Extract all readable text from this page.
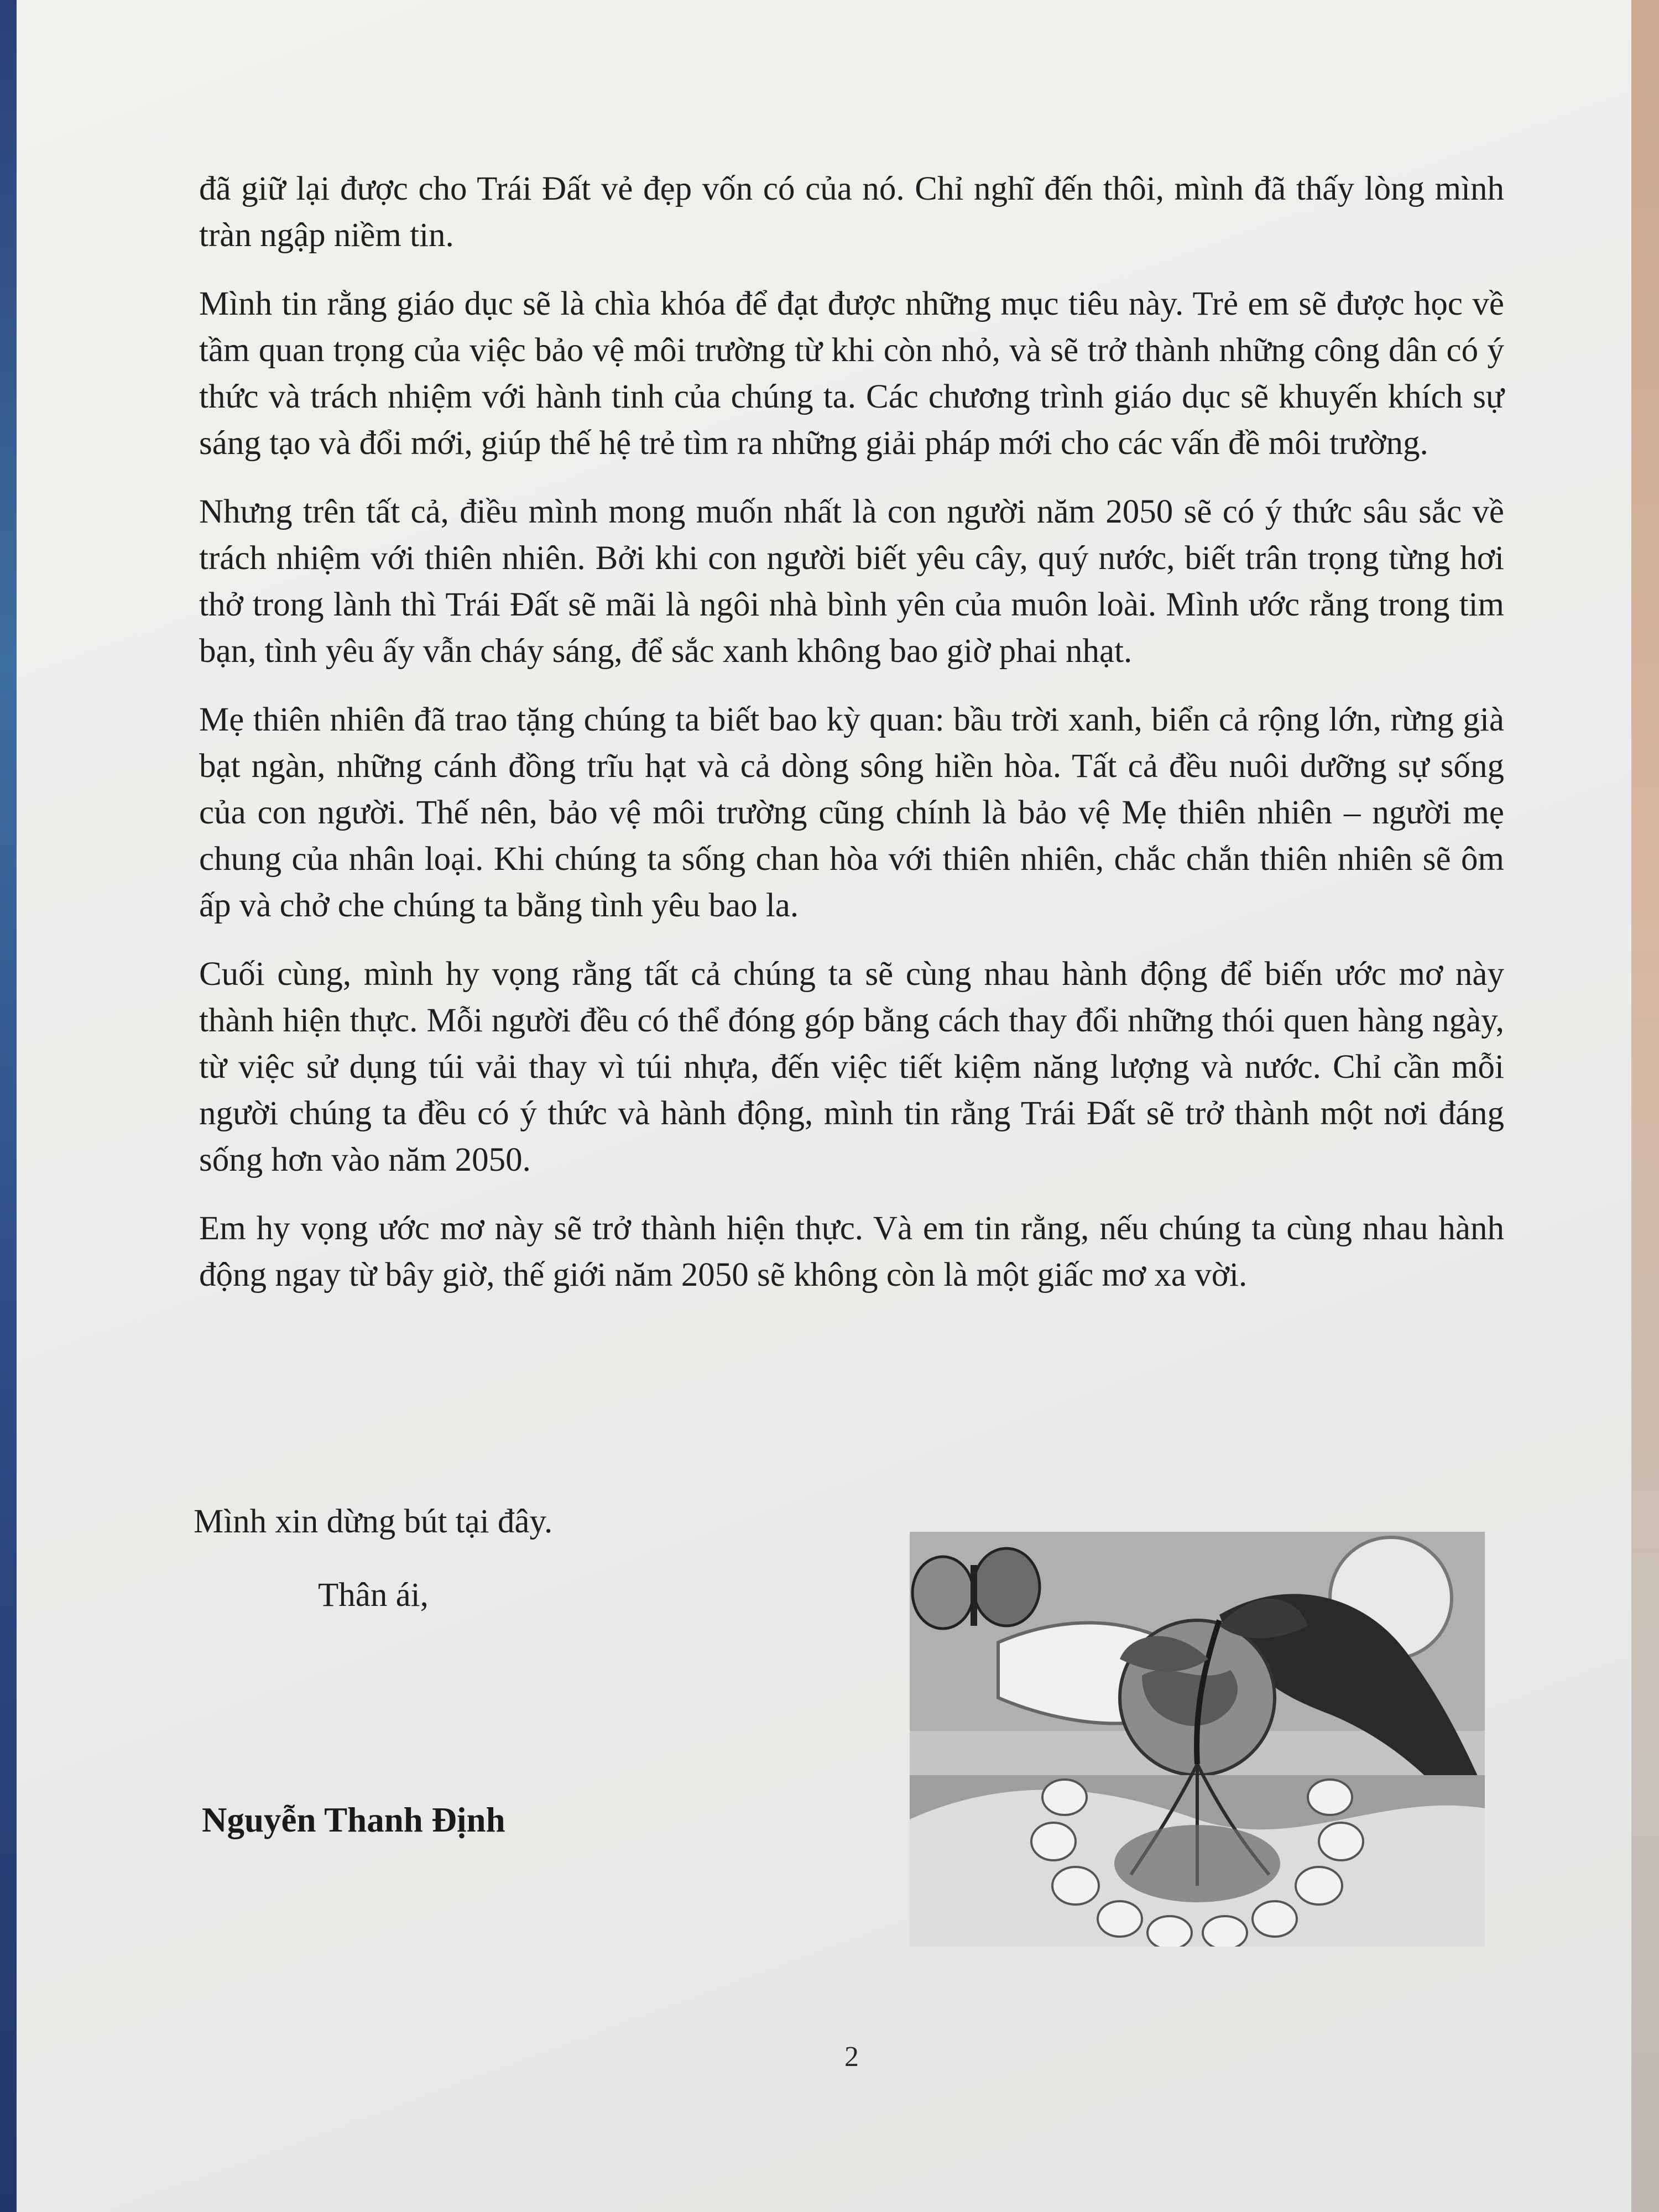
đã giữ lại được cho Trái Đất vẻ đẹp vốn có của nó. Chỉ nghĩ đến thôi, mình đã thấy lòng mình tràn ngập niềm tin.

Mình tin rằng giáo dục sẽ là chìa khóa để đạt được những mục tiêu này. Trẻ em sẽ được học về tầm quan trọng của việc bảo vệ môi trường từ khi còn nhỏ, và sẽ trở thành những công dân có ý thức và trách nhiệm với hành tinh của chúng ta. Các chương trình giáo dục sẽ khuyến khích sự sáng tạo và đổi mới, giúp thế hệ trẻ tìm ra những giải pháp mới cho các vấn đề môi trường.

Nhưng trên tất cả, điều mình mong muốn nhất là con người năm 2050 sẽ có ý thức sâu sắc về trách nhiệm với thiên nhiên. Bởi khi con người biết yêu cây, quý nước, biết trân trọng từng hơi thở trong lành thì Trái Đất sẽ mãi là ngôi nhà bình yên của muôn loài. Mình ước rằng trong tim bạn, tình yêu ấy vẫn cháy sáng, để sắc xanh không bao giờ phai nhạt.

Mẹ thiên nhiên đã trao tặng chúng ta biết bao kỳ quan: bầu trời xanh, biển cả rộng lớn, rừng già bạt ngàn, những cánh đồng trĩu hạt và cả dòng sông hiền hòa. Tất cả đều nuôi dưỡng sự sống của con người. Thế nên, bảo vệ môi trường cũng chính là bảo vệ Mẹ thiên nhiên – người mẹ chung của nhân loại. Khi chúng ta sống chan hòa với thiên nhiên, chắc chắn thiên nhiên sẽ ôm ấp và chở che chúng ta bằng tình yêu bao la.

Cuối cùng, mình hy vọng rằng tất cả chúng ta sẽ cùng nhau hành động để biến ước mơ này thành hiện thực. Mỗi người đều có thể đóng góp bằng cách thay đổi những thói quen hàng ngày, từ việc sử dụng túi vải thay vì túi nhựa, đến việc tiết kiệm năng lượng và nước. Chỉ cần mỗi người chúng ta đều có ý thức và hành động, mình tin rằng Trái Đất sẽ trở thành một nơi đáng sống hơn vào năm 2050.

Em hy vọng ước mơ này sẽ trở thành hiện thực. Và em tin rằng, nếu chúng ta cùng nhau hành động ngay từ bây giờ, thế giới năm 2050 sẽ không còn là một giấc mơ xa vời.

Mình xin dừng bút tại đây.
Thân ái,
Nguyễn Thanh Định
2
